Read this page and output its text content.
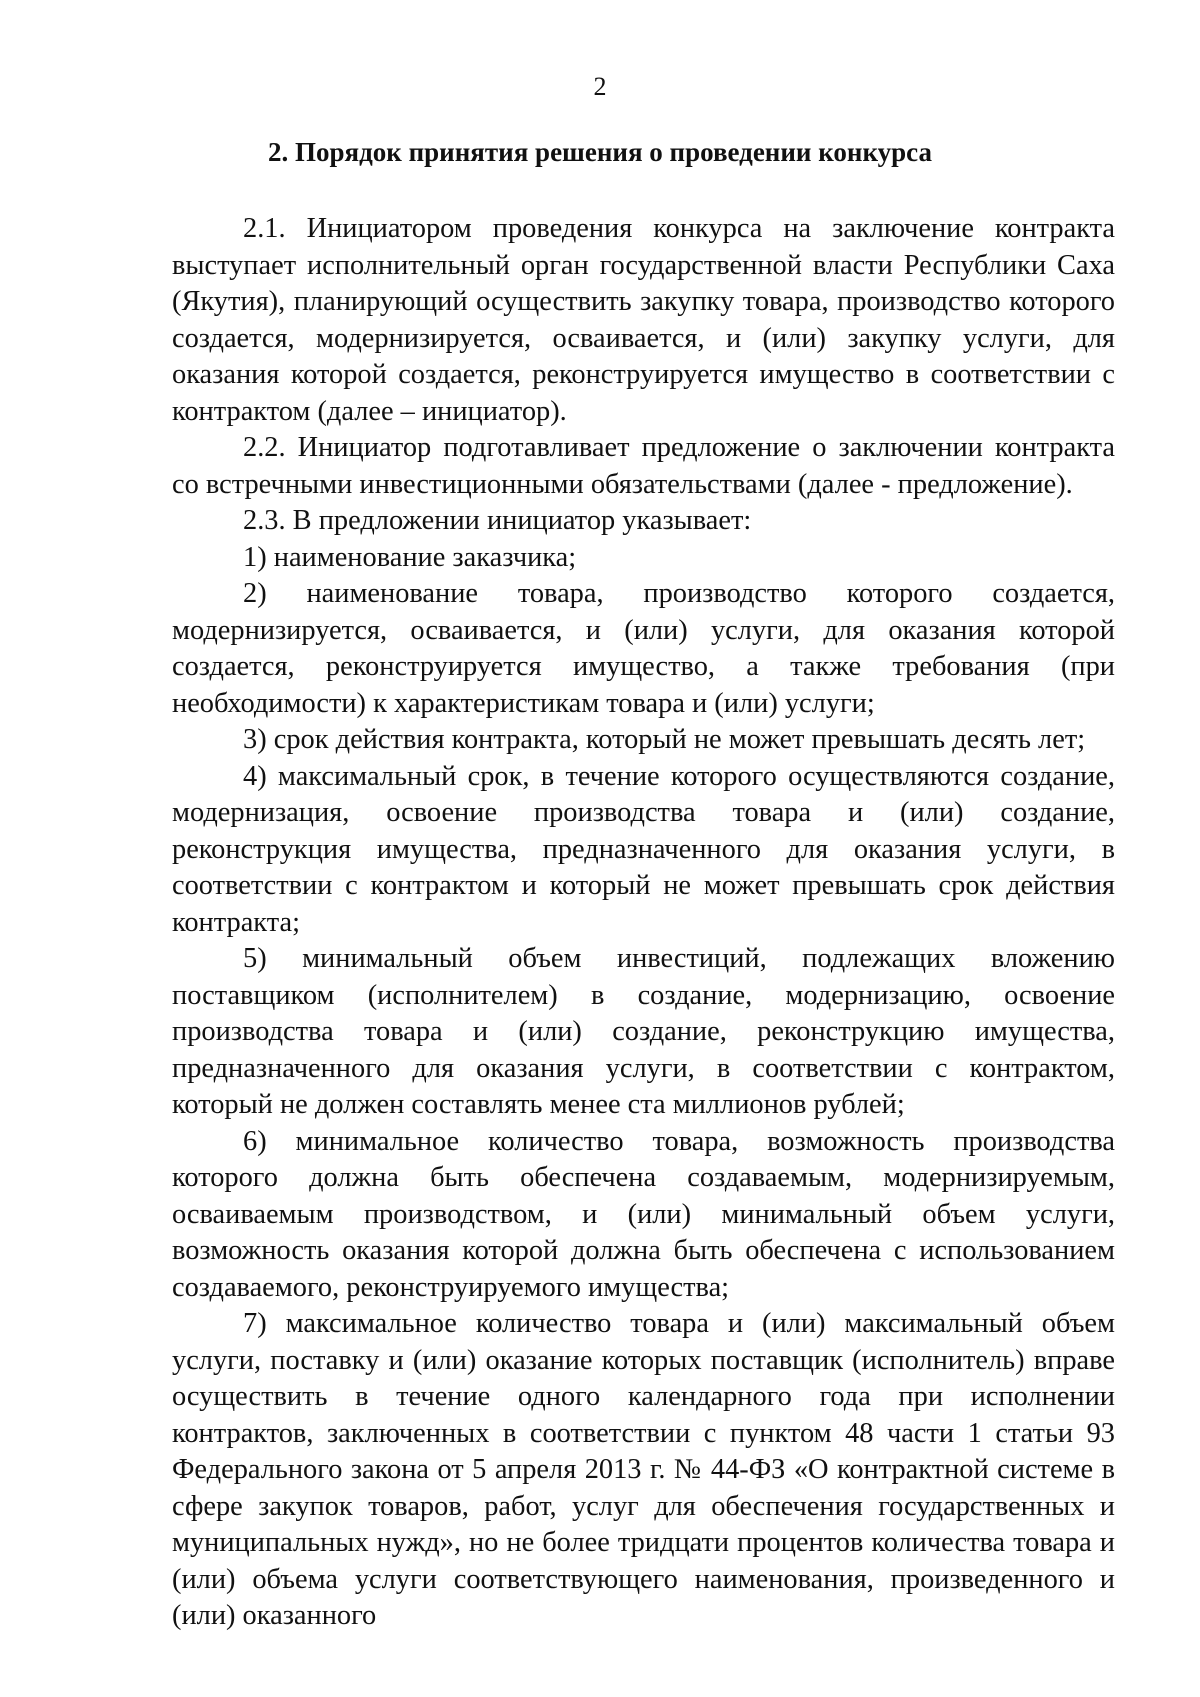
2
2. Порядок принятия решения о проведении конкурса

2.1. Инициатором проведения конкурса на заключение контракта выступает исполнительный орган государственной власти Республики Саха (Якутия), планирующий осуществить закупку товара, производство которого создается, модернизируется, осваивается, и (или) закупку услуги, для оказания которой создается, реконструируется имущество в соответствии с контрактом (далее – инициатор).

2.2. Инициатор подготавливает предложение о заключении контракта со встречными инвестиционными обязательствами (далее - предложение).

2.3. В предложении инициатор указывает:

1) наименование заказчика;

2) наименование товара, производство которого создается, модернизируется, осваивается, и (или) услуги, для оказания которой создается, реконструируется имущество, а также требования (при необходимости) к характеристикам товара и (или) услуги;

3) срок действия контракта, который не может превышать десять лет;

4) максимальный срок, в течение которого осуществляются создание, модернизация, освоение производства товара и (или) создание, реконструкция имущества, предназначенного для оказания услуги, в соответствии с контрактом и который не может превышать срок действия контракта;

5) минимальный объем инвестиций, подлежащих вложению поставщиком (исполнителем) в создание, модернизацию, освоение производства товара и (или) создание, реконструкцию имущества, предназначенного для оказания услуги, в соответствии с контрактом, который не должен составлять менее ста миллионов рублей;

6) минимальное количество товара, возможность производства которого должна быть обеспечена создаваемым, модернизируемым, осваиваемым производством, и (или) минимальный объем услуги, возможность оказания которой должна быть обеспечена с использованием создаваемого, реконструируемого имущества;

7) максимальное количество товара и (или) максимальный объем услуги, поставку и (или) оказание которых поставщик (исполнитель) вправе осуществить в течение одного календарного года при исполнении контрактов, заключенных в соответствии с пунктом 48 части 1 статьи 93 Федерального закона от 5 апреля 2013 г. № 44-ФЗ «О контрактной системе в сфере закупок товаров, работ, услуг для обеспечения государственных и муниципальных нужд», но не более тридцати процентов количества товара и (или) объема услуги соответствующего наименования, произведенного и (или) оказанного
